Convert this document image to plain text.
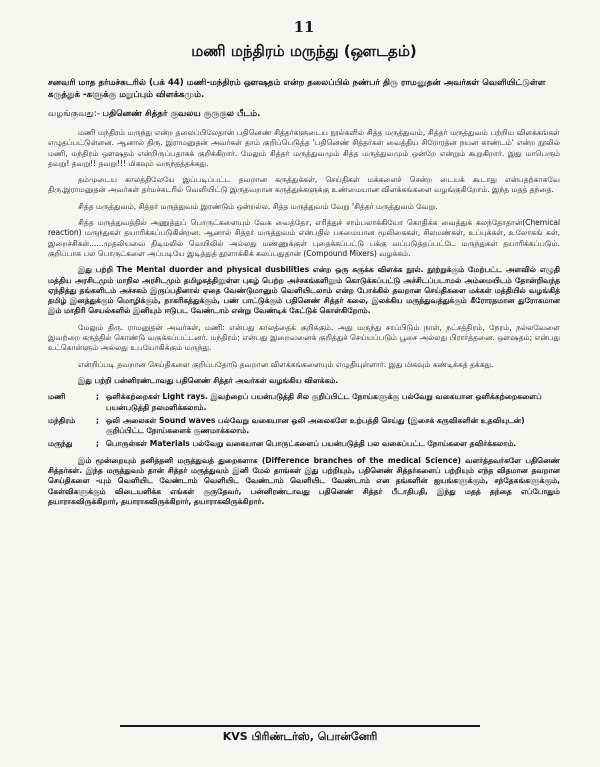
11
மணி மந்திரம் மருந்து (ஔடதம்)
சனவரி மாத தர்மச்சுடரில் (பக் 44) மணி-மந்திரம் ஔஷதம் என்ற தலைப்பில் நண்பர் திரு ராமனுதன் அவர்கள் வெளியிட்டுள்ள கருத்துக் -களுக்கு மறுப்பும் விளக்கமும்.
வழங்குவது:- பதினெண் சித்தர் குவலய குருகுல பீடம்.

மணி மந்திரம் மருந்து என்ற தலைப்பிலேதான் பதினெண் சித்தர்களுடைய நூல்களில் சித்த மருத்துவம், சித்தர் மருத்துவம் பற்றிய விளக்கங்கள் எழுதப்பட்டுள்ளன. ஆனால் திரு. இராமனுதன் அவர்கள் தாம் குறிப்பெடுத்த 'பதினெண் சித்தர்கள் வைத்திய சிரோரத்ன நயன காண்டம்' என்ற நூலில் மணி, மந்திரம் ஔஷதம் என்றிருப்பதாகக் குறிக்கிறார். மேலும் சித்தர் மருத்துவமும் சித்த மருத்துவமும் ஒன்றே என்றும் கூறுகிறார். இது மாபெரும் தவறு! தவறு!! தவறு!!! மிகவும் வருந்தத்தக்கது.

தம்முடைய காலத்திலேயே இப்படிப்பட்ட தவறான கருத்துக்கள், செய்திகள் மக்களைச் சென்ற டையக் கூடாது என்பதற்காகவே திரு.இராமனுதன் அவர்கள் தர்மச்சுடரில் வெளியிட்டு இருதவறான கருத்துக்களுக்கு உண்மையான விளக்கங்களை வழங்குகிறோம். இந்த மதத் தந்தை.

சித்த மருத்துவம், சித்தர் மருத்துவம் இரண்டும் ஒன்றல்ல. சித்த மருத்துவம் வேறு 'சித்தர் மருத்துவம் வேறு.

சித்த மருத்துவத்தில் அணுத்துப் பொருட்களையும் வேக வைத்தோ, எரித்துச் சாம்பலாக்கியோ கொதிக்க வைத்துக் கலந்தோதான்(Chemical reaction) மருந்துகள் தயாரிக்கப்படுகின்றன. ஆனால் சித்தர் மருத்துவம் என்பதில் பசுமையான மூலிகைகள், சிலமண்கள், உப்புக்கள், உலோகங் கள், இறைச்சிகள்......முதலியவை திடிமலில் வெயிலில் அல்லது மண்ணுக்குள் புதைக்கப்பட்டு பக்கு வப்படுத்தப்பட்டே மருந்துகள் தயாரிக்கப்படும். குறிப்பாக பல பொருட்களை அப்படியே இடித்துத் தூளாக்கிக் கலப்பதுதான் (Compound Mixers) வழக்கம்.

இது பற்றி The Mental duorder and physical dusbilities என்ற ஒரு சுருக்க விளக்க நூல். நூற்றுக்கும் மேற்பட்ட அளவில் எழுதி மத்திய அரசிடமும் மாநில அரசிடமும் தமிழகத்திலுள்ள புகழ் பெற்ற அச்சகங்களிலும் கொடுக்கப்பட்டு அச்சிடப்படாமல் அம்மையிடம் தோன்றிவந்த ஏந்தித்து தங்களிடம் அச்சகம் இருப்பதினால் ஏதை வேண்டுமானும் வெளியிடலாம் என்ற போக்கில் தவறான செய்திகளை மக்கள் மத்தியில் வழங்கித் தமிழ் இனத்துக்கும் மொழிக்கும், நாகரிகத்துக்கும், பண் பாட்டுக்கும் பதினெண் சித்தர் கலை, இலக்கிய மருத்துவத்துக்கும் கீரோரதமான துரோகமான இம் மாதிரி செயல்களில் இனியும் ஈடுபட வேண்டாம் என்று வேண்டிக் கேட்டுக் கொள்கிறோம்.

மேலும் திரு. ராமனுதன் அவர்கள், மணி: என்பது காலத்தைக் குறிக்கும். அது மருந்து சாப்பிடும் நாள், நட்சத்திரம், நேரம், நல்லவேளை இவற்றை கருத்தில் கொண்டு வகுக்கப்பட்டனர். மந்திரம்; என்பது இறைவனைக் குறித்துச் செய்யப்படும் பூசை அல்லது பிரார்த்தனை. ஔஷதம்; என்பது உட்கொள்ளும் அல்லது உபயோகிக்கும் மருந்து.

என்றிப்படி தவறான செய்திகளை குறிப்பதோடு தவறான விளக்கங்களையும் எழுதியுள்ளார். இது மிகவும் கண்டிக்கத் தக்கது.

இது பற்றி பன்னிரண்டாவது பதினெண் சித்தர் அவர்கள் வழங்கிய விளக்கம்.

மணி	; ஒளிக்கற்றைகள் Light rays. இவற்றைப் பயன்படுத்தி சில குறிப்பிட்ட நோய்களுக்கு பல்வேறு வகையான ஒளிக்கற்றைகளைப் பயன்படுத்தி நலமளிக்கலாம்.
மந்திரம்	; ஒலி அலைகள் Sound waves பல்வேறு வகையான ஒலி அலைகளே உற்பத்தி செய்து (இசைக் கருவிகளின் உதவியுடன்) குறிப்பிட்ட நோய்களைக் குணமாக்கலாம்.
மருந்து	; பொருள்கள் Materials பல்வேறு வகையான பொருட்களைப் பயன்படுத்தி பல வகைப்பட்ட நோய்களை தவிர்க்கலாம்.

இம் மூன்றையும் தனித்தனி மருத்துவத் துறைகளாக (Difference branches of the medical Science) வளர்த்தவர்களே பதினெண் சித்தர்கள். இந்த மருத்துவம் தான் சித்தர் மருத்துவம் இனி மேல் தாங்கள் இது பற்றியும், பதினெண் சித்தர்களைப் பற்றியும் எந்த விதமான தவறான செய்திகளை -யும் வெளியிட வேண்டாம் வெளியிட வேண்டாம் வெளியிட வேண்டாம் என தங்களின் ஐயங்களுக்கும், சந்தேகங்களுக்கும், கேள்விகளுக்கும் விடையளிக்க எங்கள் குருதேவர், பன்னிரண்டாவது பதினெண் சித்தர் பீடாதிபதி, இந்து மதத் தந்தை எப்போதும் தயாராகவிருக்கிறார், தயாராகவிருக்கிறார், தயாராகவிருக்கிறார்.

KVS பிரிண்டர்ஸ், பொன்னேரி
